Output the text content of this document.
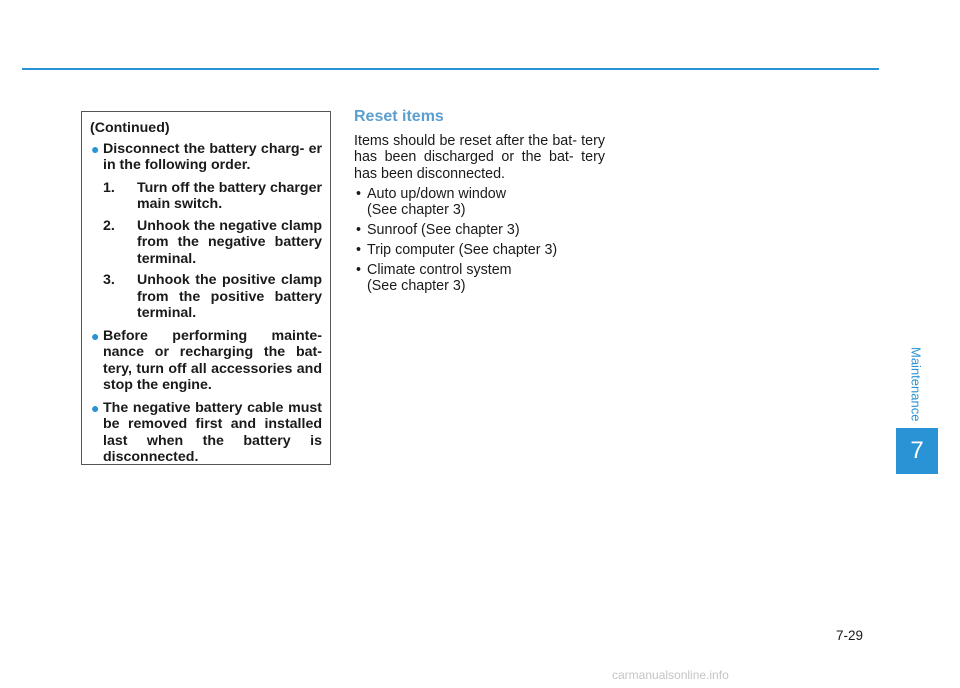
(Continued)
● Disconnect the battery charg- er in the following order.
1. Turn off the battery charger main switch.
2. Unhook the negative clamp from the negative battery terminal.
3. Unhook the positive clamp from the positive battery terminal.
● Before performing mainte- nance or recharging the bat- tery, turn off all accessories and stop the engine.
● The negative battery cable must be removed first and installed last when the battery is disconnected.
Reset items
Items should be reset after the bat- tery has been discharged or the bat- tery has been disconnected.
• Auto up/down window
(See chapter 3)
• Sunroof (See chapter 3)
• Trip computer (See chapter 3)
• Climate control system
(See chapter 3)
Maintenance
7
7-29
carmanualsonline.info
